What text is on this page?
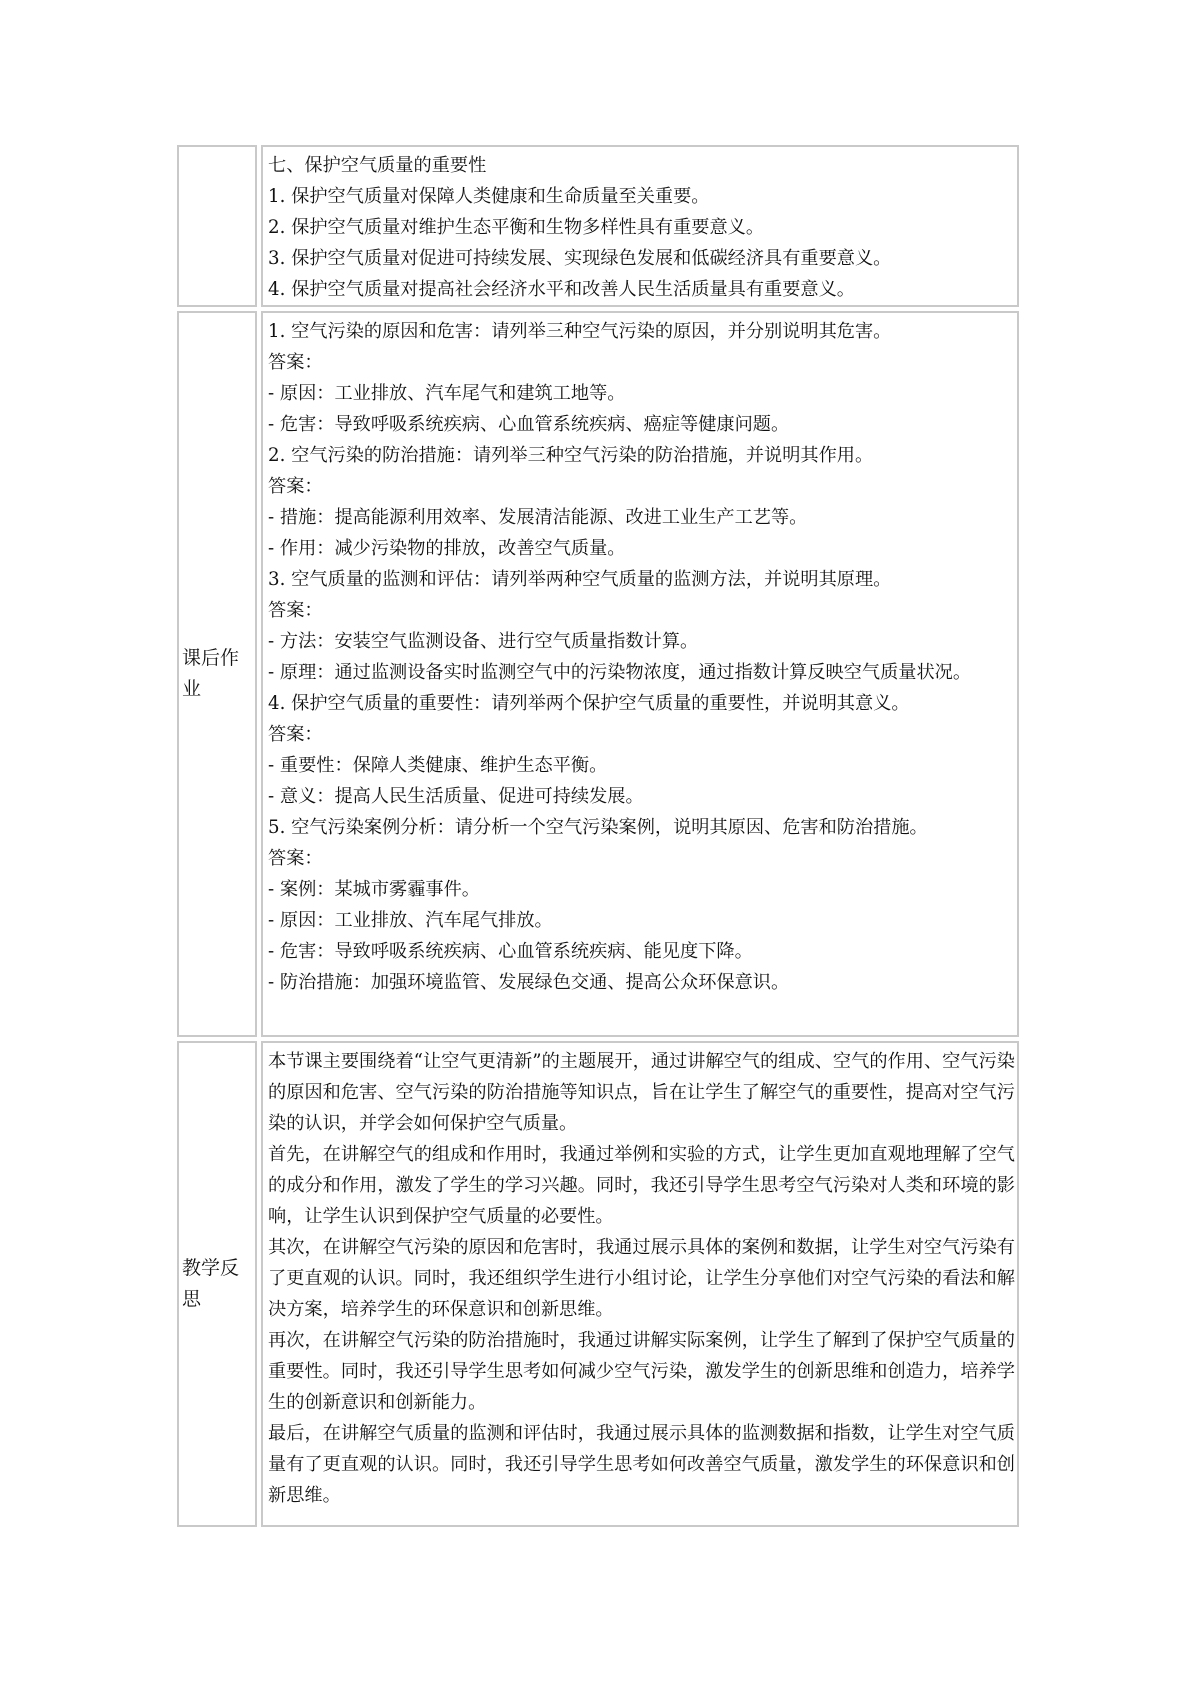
七、保护空气质量的重要性
1. 保护空气质量对保障人类健康和生命质量至关重要。
2. 保护空气质量对维护生态平衡和生物多样性具有重要意义。
3. 保护空气质量对促进可持续发展、实现绿色发展和低碳经济具有重要意义。
4. 保护空气质量对提高社会经济水平和改善人民生活质量具有重要意义。
课后作业
1. 空气污染的原因和危害：请列举三种空气污染的原因，并分别说明其危害。
答案：
- 原因：工业排放、汽车尾气和建筑工地等。
- 危害：导致呼吸系统疾病、心血管系统疾病、癌症等健康问题。
2. 空气污染的防治措施：请列举三种空气污染的防治措施，并说明其作用。
答案：
- 措施：提高能源利用效率、发展清洁能源、改进工业生产工艺等。
- 作用：减少污染物的排放，改善空气质量。
3. 空气质量的监测和评估：请列举两种空气质量的监测方法，并说明其原理。
答案：
- 方法：安装空气监测设备、进行空气质量指数计算。
- 原理：通过监测设备实时监测空气中的污染物浓度，通过指数计算反映空气质量状况。
4. 保护空气质量的重要性：请列举两个保护空气质量的重要性，并说明其意义。
答案：
- 重要性：保障人类健康、维护生态平衡。
- 意义：提高人民生活质量、促进可持续发展。
5. 空气污染案例分析：请分析一个空气污染案例，说明其原因、危害和防治措施。
答案：
- 案例：某城市雾霾事件。
- 原因：工业排放、汽车尾气排放。
- 危害：导致呼吸系统疾病、心血管系统疾病、能见度下降。
- 防治措施：加强环境监管、发展绿色交通、提高公众环保意识。
教学反思
本节课主要围绕着“让空气更清新”的主题展开，通过讲解空气的组成、空气的作用、空气污染的原因和危害、空气污染的防治措施等知识点，旨在让学生了解空气的重要性，提高对空气污染的认识，并学会如何保护空气质量。
首先，在讲解空气的组成和作用时，我通过举例和实验的方式，让学生更加直观地理解了空气的成分和作用，激发了学生的学习兴趣。同时，我还引导学生思考空气污染对人类和环境的影响，让学生认识到保护空气质量的必要性。
其次，在讲解空气污染的原因和危害时，我通过展示具体的案例和数据，让学生对空气污染有了更直观的认识。同时，我还组织学生进行小组讨论，让学生分享他们对空气污染的看法和解决方案，培养学生的环保意识和创新思维。
再次，在讲解空气污染的防治措施时，我通过讲解实际案例，让学生了解到了保护空气质量的重要性。同时，我还引导学生思考如何减少空气污染，激发学生的创新思维和创造力，培养学生的创新意识和创新能力。
最后，在讲解空气质量的监测和评估时，我通过展示具体的监测数据和指数，让学生对空气质量有了更直观的认识。同时，我还引导学生思考如何改善空气质量，激发学生的环保意识和创新思维。
